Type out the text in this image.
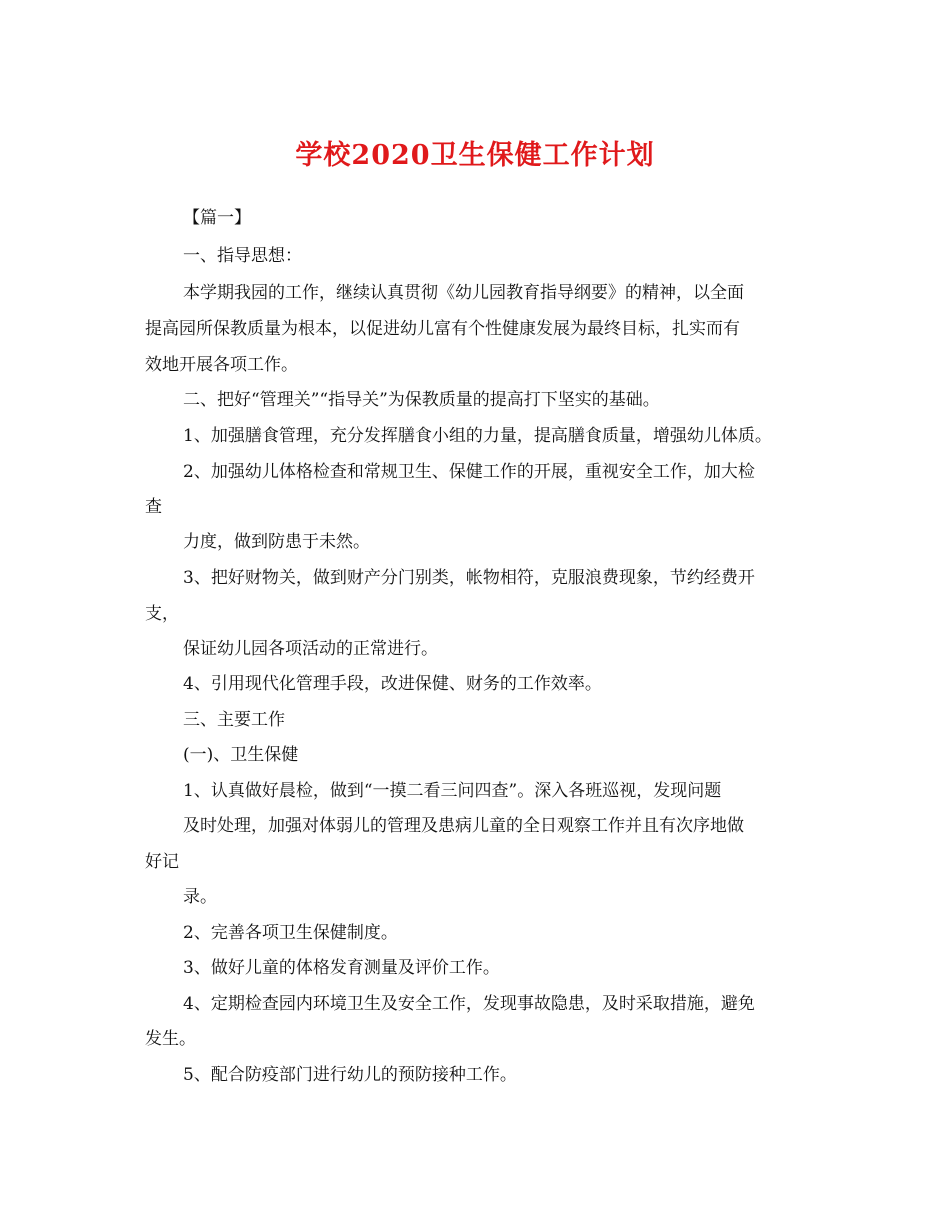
学校2020卫生保健工作计划
【篇一】
一、指导思想：
本学期我园的工作，继续认真贯彻《幼儿园教育指导纲要》的精神，以全面
提高园所保教质量为根本，以促进幼儿富有个性健康发展为最终目标，扎实而有
效地开展各项工作。
二、把好“管理关”“指导关”为保教质量的提高打下坚实的基础。
1、加强膳食管理，充分发挥膳食小组的力量，提高膳食质量，增强幼儿体质。
2、加强幼儿体格检查和常规卫生、保健工作的开展，重视安全工作，加大检
查
力度，做到防患于未然。
3、把好财物关，做到财产分门别类，帐物相符，克服浪费现象，节约经费开
支，
保证幼儿园各项活动的正常进行。
4、引用现代化管理手段，改进保健、财务的工作效率。
三、主要工作
(一)、卫生保健
1、认真做好晨检，做到“一摸二看三问四查”。深入各班巡视，发现问题
及时处理，加强对体弱儿的管理及患病儿童的全日观察工作并且有次序地做
好记
录。
2、完善各项卫生保健制度。
3、做好儿童的体格发育测量及评价工作。
4、定期检查园内环境卫生及安全工作，发现事故隐患，及时采取措施，避免
发生。
5、配合防疫部门进行幼儿的预防接种工作。
